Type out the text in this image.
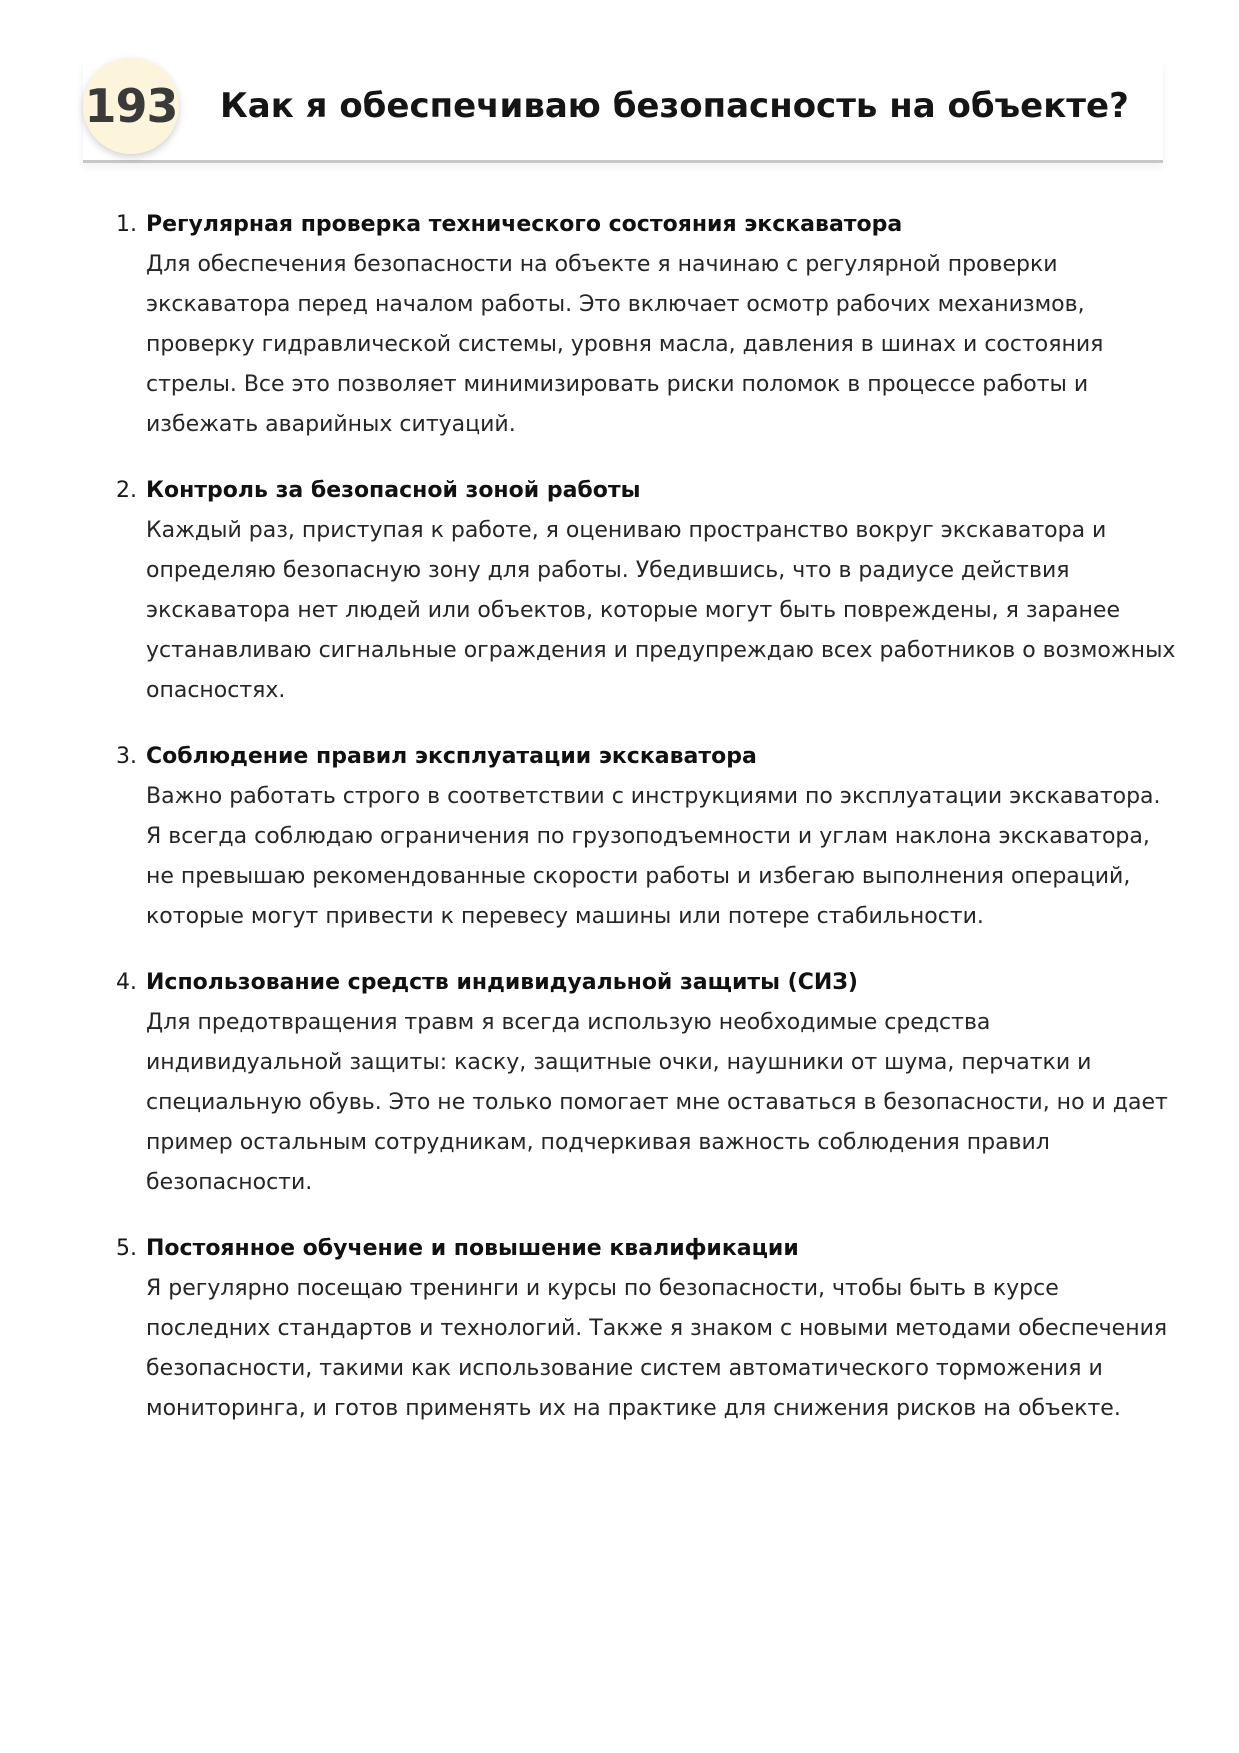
193 Как я обеспечиваю безопасность на объекте?
1. Регулярная проверка технического состояния экскаватора

Для обеспечения безопасности на объекте я начинаю с регулярной проверки экскаватора перед началом работы. Это включает осмотр рабочих механизмов, проверку гидравлической системы, уровня масла, давления в шинах и состояния стрелы. Все это позволяет минимизировать риски поломок в процессе работы и избежать аварийных ситуаций.

2. Контроль за безопасной зоной работы

Каждый раз, приступая к работе, я оцениваю пространство вокруг экскаватора и определяю безопасную зону для работы. Убедившись, что в радиусе действия экскаватора нет людей или объектов, которые могут быть повреждены, я заранее устанавливаю сигнальные ограждения и предупреждаю всех работников о возможных опасностях.

3. Соблюдение правил эксплуатации экскаватора

Важно работать строго в соответствии с инструкциями по эксплуатации экскаватора. Я всегда соблюдаю ограничения по грузоподъемности и углам наклона экскаватора, не превышаю рекомендованные скорости работы и избегаю выполнения операций, которые могут привести к перевесу машины или потере стабильности.

4. Использование средств индивидуальной защиты (СИЗ)

Для предотвращения травм я всегда использую необходимые средства индивидуальной защиты: каску, защитные очки, наушники от шума, перчатки и специальную обувь. Это не только помогает мне оставаться в безопасности, но и дает пример остальным сотрудникам, подчеркивая важность соблюдения правил безопасности.

5. Постоянное обучение и повышение квалификации

Я регулярно посещаю тренинги и курсы по безопасности, чтобы быть в курсе последних стандартов и технологий. Также я знаком с новыми методами обеспечения безопасности, такими как использование систем автоматического торможения и мониторинга, и готов применять их на практике для снижения рисков на объекте.
